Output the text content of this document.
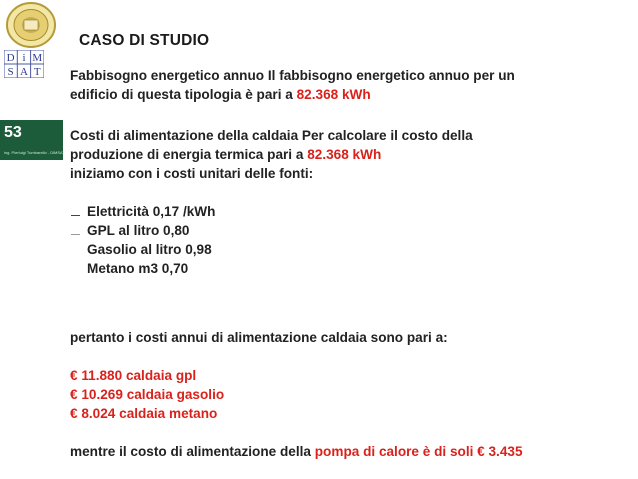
D i M
S A T
53
ing. Pierluigi Tumbarello - DiMSAT
CASO DI STUDIO

Fabbisogno energetico annuo Il fabbisogno energetico annuo per un

edificio di questa tipologia è pari a 82.368 kWh

Costi di alimentazione della caldaia Per calcolare il costo della

produzione di energia termica pari a 82.368 kWh

iniziamo con i costi unitari delle fonti:

Elettricità 0,17 /kWh
GPL al litro 0,80
Gasolio al litro 0,98
Metano m3 0,70

pertanto i costi annui di alimentazione caldaia sono pari a:

€ 11.880 caldaia gpl

€ 10.269 caldaia gasolio

€ 8.024 caldaia metano

mentre il costo di alimentazione della pompa di calore è di soli € 3.435
